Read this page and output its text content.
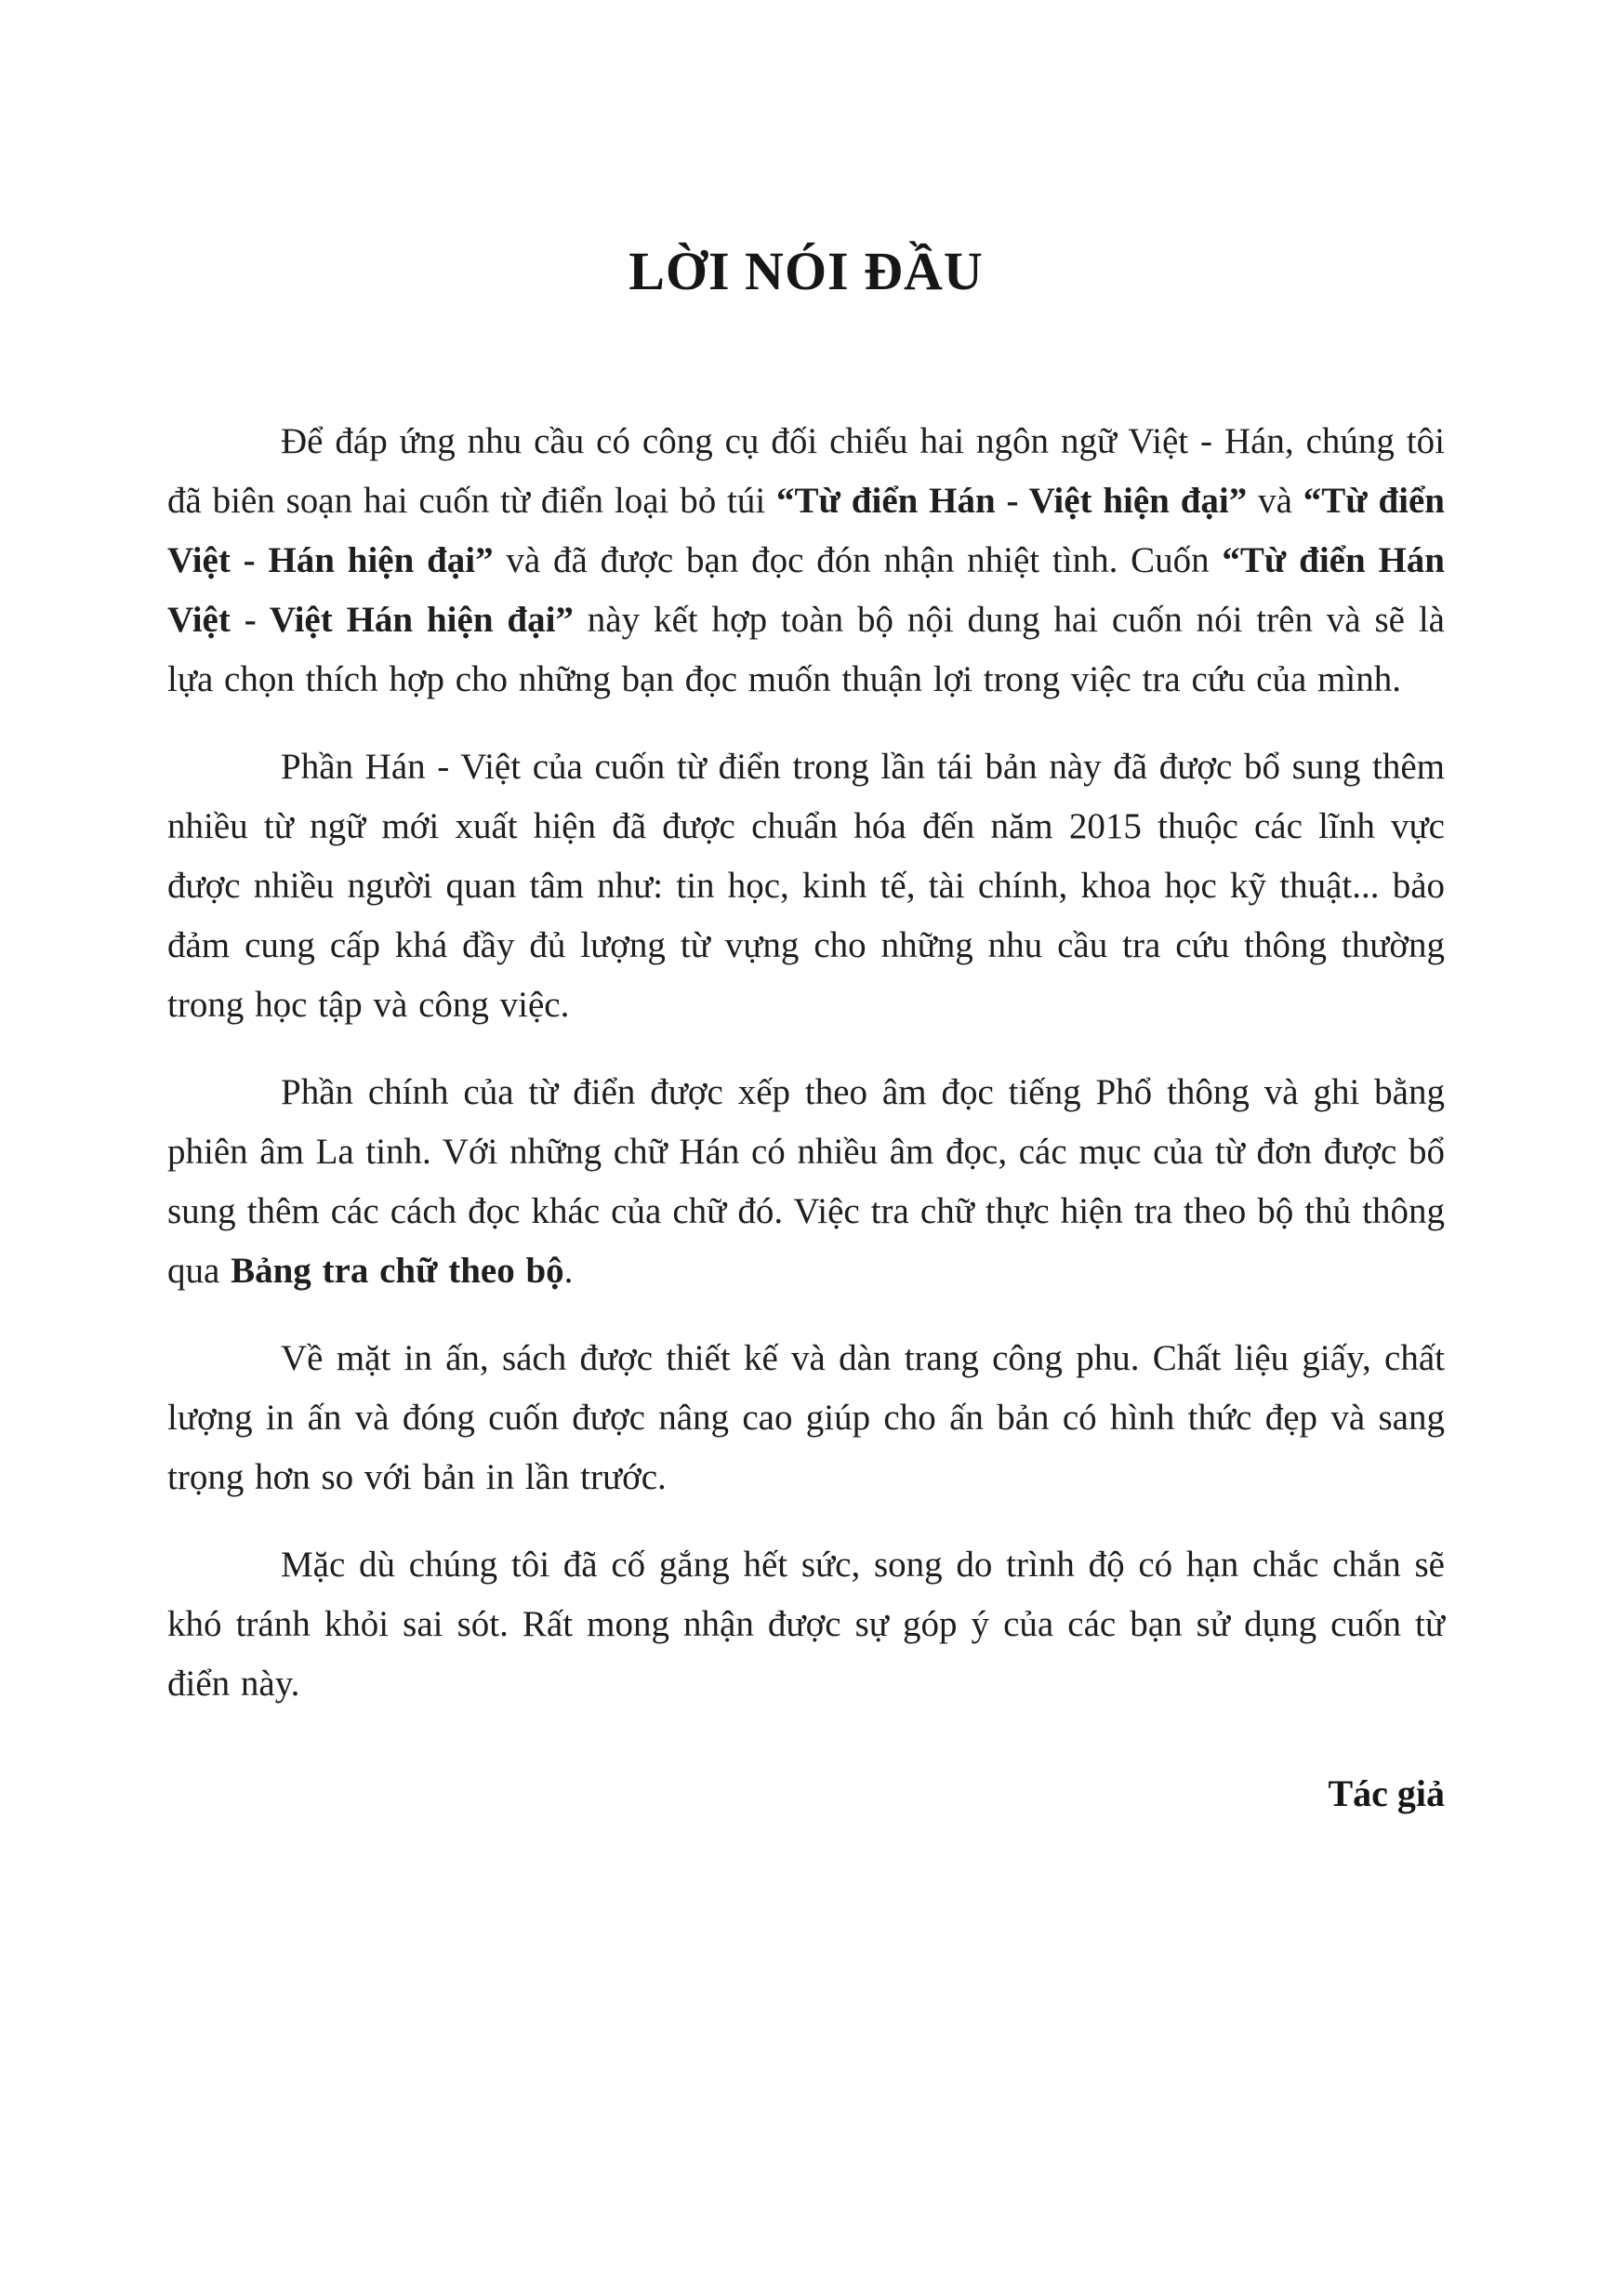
LỜI NÓI ĐẦU

Để đáp ứng nhu cầu có công cụ đối chiếu hai ngôn ngữ Việt - Hán, chúng tôi đã biên soạn hai cuốn từ điển loại bỏ túi “Từ điển Hán - Việt hiện đại” và “Từ điển Việt - Hán hiện đại” và đã được bạn đọc đón nhận nhiệt tình. Cuốn “Từ điển Hán Việt - Việt Hán hiện đại” này kết hợp toàn bộ nội dung hai cuốn nói trên và sẽ là lựa chọn thích hợp cho những bạn đọc muốn thuận lợi trong việc tra cứu của mình.

Phần Hán - Việt của cuốn từ điển trong lần tái bản này đã được bổ sung thêm nhiều từ ngữ mới xuất hiện đã được chuẩn hóa đến năm 2015 thuộc các lĩnh vực được nhiều người quan tâm như: tin học, kinh tế, tài chính, khoa học kỹ thuật... bảo đảm cung cấp khá đầy đủ lượng từ vựng cho những nhu cầu tra cứu thông thường trong học tập và công việc.

Phần chính của từ điển được xếp theo âm đọc tiếng Phổ thông và ghi bằng phiên âm La tinh. Với những chữ Hán có nhiều âm đọc, các mục của từ đơn được bổ sung thêm các cách đọc khác của chữ đó. Việc tra chữ thực hiện tra theo bộ thủ thông qua Bảng tra chữ theo bộ.

Về mặt in ấn, sách được thiết kế và dàn trang công phu. Chất liệu giấy, chất lượng in ấn và đóng cuốn được nâng cao giúp cho ấn bản có hình thức đẹp và sang trọng hơn so với bản in lần trước.

Mặc dù chúng tôi đã cố gắng hết sức, song do trình độ có hạn chắc chắn sẽ khó tránh khỏi sai sót. Rất mong nhận được sự góp ý của các bạn sử dụng cuốn từ điển này.

Tác giả
